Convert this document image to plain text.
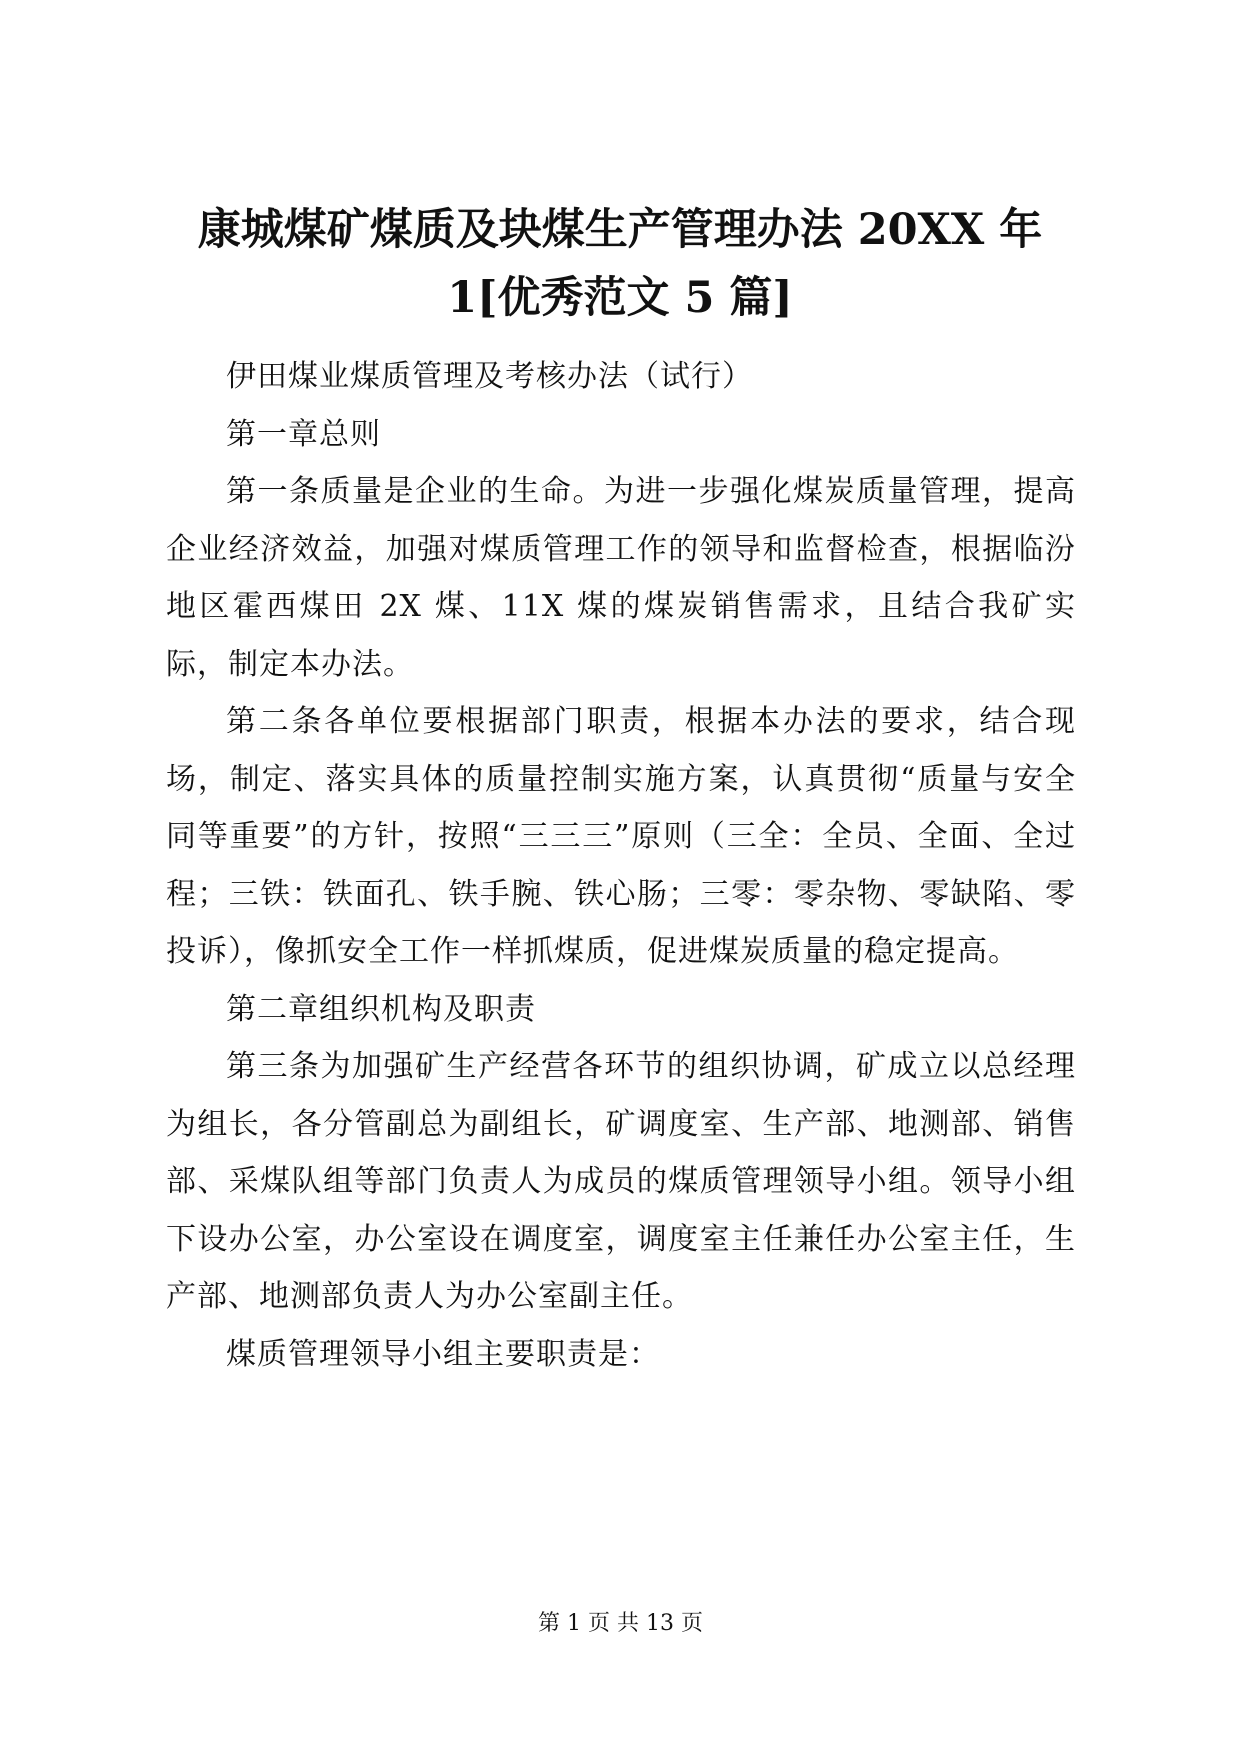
康城煤矿煤质及块煤生产管理办法 20XX 年
1[优秀范文 5 篇]

伊田煤业煤质管理及考核办法（试行）

第一章总则

第一条质量是企业的生命。为进一步强化煤炭质量管理，提高企业经济效益，加强对煤质管理工作的领导和监督检查，根据临汾地区霍西煤田 2X 煤、11X 煤的煤炭销售需求，且结合我矿实际，制定本办法。

第二条各单位要根据部门职责，根据本办法的要求，结合现场，制定、落实具体的质量控制实施方案，认真贯彻“质量与安全同等重要”的方针，按照“三三三”原则（三全：全员、全面、全过程；三铁：铁面孔、铁手腕、铁心肠；三零：零杂物、零缺陷、零投诉），像抓安全工作一样抓煤质，促进煤炭质量的稳定提高。

第二章组织机构及职责

第三条为加强矿生产经营各环节的组织协调，矿成立以总经理为组长，各分管副总为副组长，矿调度室、生产部、地测部、销售部、采煤队组等部门负责人为成员的煤质管理领导小组。领导小组下设办公室，办公室设在调度室，调度室主任兼任办公室主任，生产部、地测部负责人为办公室副主任。

煤质管理领导小组主要职责是：

第 1 页 共 13 页
